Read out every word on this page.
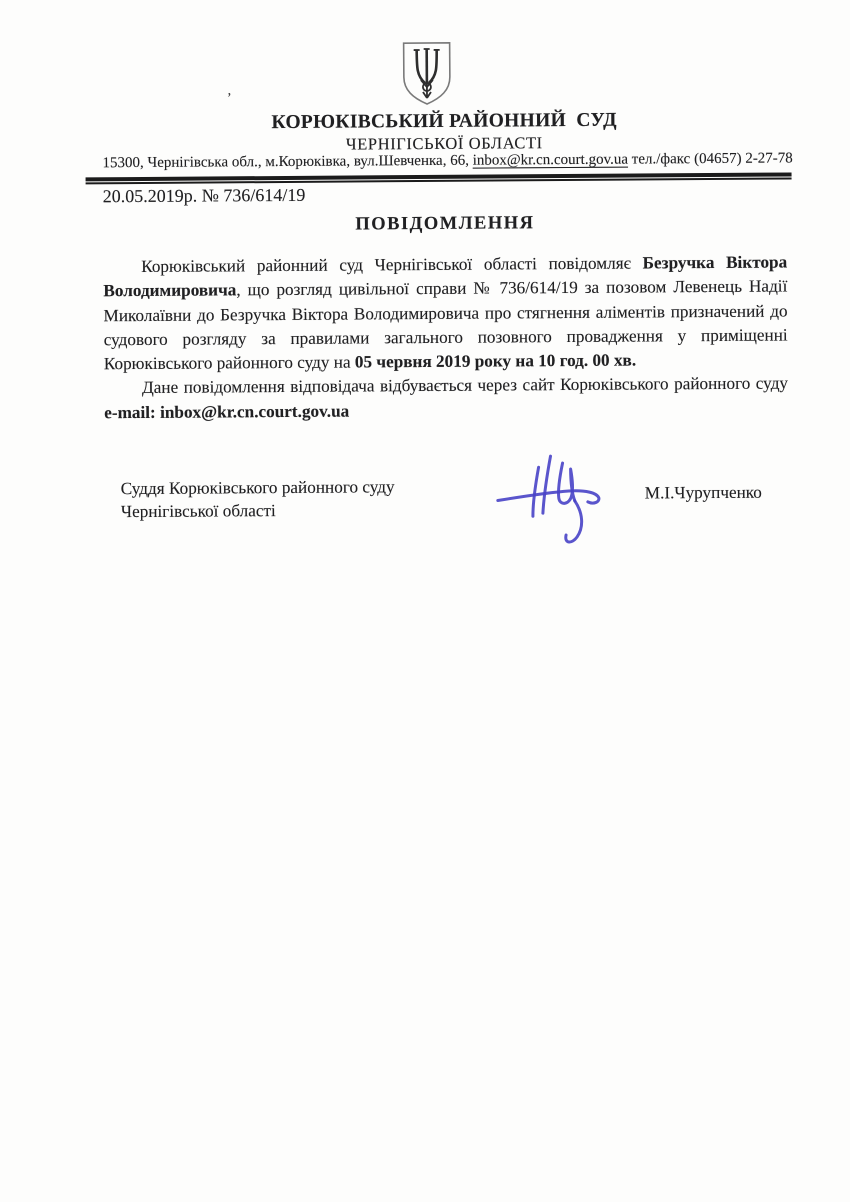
ʼ
КОРЮКІВСЬКИЙ РАЙОННИЙ  СУД
ЧЕРНІГІСЬКОЇ ОБЛАСТІ
15300, Чернігівська обл., м.Корюківка, вул.Шевченка, 66, inbox@kr.cn.court.gov.ua тел./факс (04657) 2-27-78
20.05.2019р. № 736/614/19
ПОВІДОМЛЕННЯ

Корюківський районний суд Чернігівської області повідомляє Безручка Віктора Володимировича, що розгляд цивільної справи № 736/614/19 за позовом Левенець Надії Миколаївни до Безручка Віктора Володимировича про стягнення аліментів призначений до судового розгляду за правилами загального позовного провадження у приміщенні Корюківського районного суду на 05 червня 2019 року на 10 год. 00 хв.

Дане повідомлення відповідача відбувається через сайт Корюківського районного суду e-mail: inbox@kr.cn.court.gov.ua

Суддя Корюківського районного суду
Чернігівської області
М.І.Чурупченко
